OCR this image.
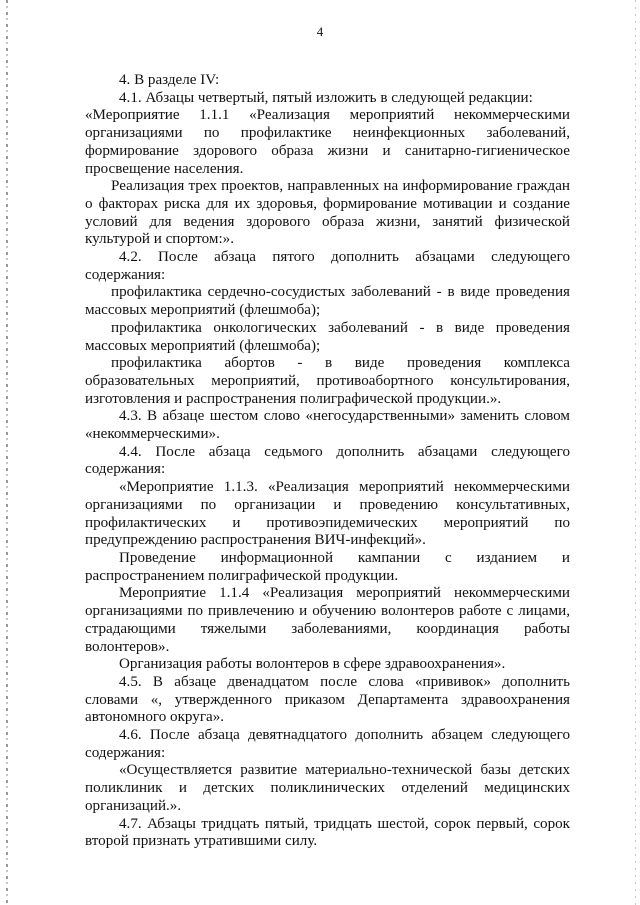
4

4. В разделе IV:

4.1. Абзацы четвертый, пятый изложить в следующей редакции:

«Мероприятие 1.1.1 «Реализация мероприятий некоммерческими организациями по профилактике неинфекционных заболеваний, формирование здорового образа жизни и санитарно-гигиеническое просвещение населения.

Реализация трех проектов, направленных на информирование граждан о факторах риска для их здоровья, формирование мотивации и создание условий для ведения здорового образа жизни, занятий физической культурой и спортом:».

4.2. После абзаца пятого дополнить абзацами следующего содержания:

профилактика сердечно-сосудистых заболеваний - в виде проведения массовых мероприятий (флешмоба);

профилактика онкологических заболеваний - в виде проведения массовых мероприятий (флешмоба);

профилактика абортов - в виде проведения комплекса образовательных мероприятий, противоабортного консультирования, изготовления и распространения полиграфической продукции.».

4.3. В абзаце шестом слово «негосударственными» заменить словом «некоммерческими».

4.4. После абзаца седьмого дополнить абзацами следующего содержания:

«Мероприятие 1.1.3. «Реализация мероприятий некоммерческими организациями по организации и проведению консультативных, профилактических и противоэпидемических мероприятий по предупреждению распространения ВИЧ-инфекций».

Проведение информационной кампании с изданием и распространением полиграфической продукции.

Мероприятие 1.1.4 «Реализация мероприятий некоммерческими организациями по привлечению и обучению волонтеров работе с лицами, страдающими тяжелыми заболеваниями, координация работы волонтеров».

Организация работы волонтеров в сфере здравоохранения».

4.5. В абзаце двенадцатом после слова «прививок» дополнить словами «, утвержденного приказом Департамента здравоохранения автономного округа».

4.6. После абзаца девятнадцатого дополнить абзацем следующего содержания:

«Осуществляется развитие материально-технической базы детских поликлиник и детских поликлинических отделений медицинских организаций.».

4.7. Абзацы тридцать пятый, тридцать шестой, сорок первый, сорок второй признать утратившими силу.
